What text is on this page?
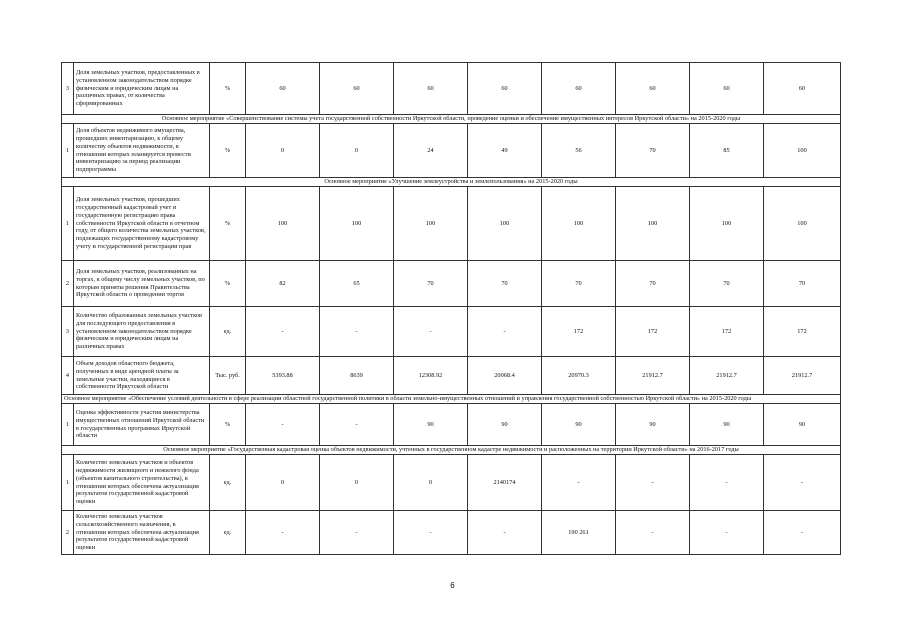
3	Доля земельных участков, предоставленных в установленном законодательством порядке физическим и юридическим лицам на различных правах, от количества сформированных	%	60	60	60	60	60	60	60	60
Основное мероприятие «Совершенствование системы учета государственной собственности Иркутской области, проведение оценки и обеспечение имущественных интересов Иркутской области» на 2015-2020 годы										
1	Доля объектов недвижимого имущества, прошедших инвентаризацию, к общему количеству объектов недвижимости, в отношении которых планируется провести инвентаризацию за период реализации подпрограммы	%	0	0	24	49	56	70	85	100
Основное мероприятие «Улучшение землеустройства и землепользования» на 2015-2020 годы										
1	Доля земельных участков, прошедших государственный кадастровый учет и государственную регистрацию права собственности Иркутской области в отчетном году, от общего количества земельных участков, подлежащих государственному кадастровому учету и государственной регистрации прав	%	100	100	100	100	100	100	100	100
2	Доля земельных участков, реализованных на торгах, к общему числу земельных участков, по которым приняты решения Правительства Иркутской области о проведении торгов	%	82	65	70	70	70	70	70	70
3	Количество образованных земельных участков для последующего предоставления в установленном законодательством порядке физическим и юридическим лицам на различных правах	ед.	-	-	-	-	172	172	172	172
4	Объем доходов областного бюджета, полученных в виде арендной платы за земельные участки, находящиеся в собственности Иркутской области	Тыс. руб.	5393.88	8639	12308.92	20068.4	20970.3	21912.7	21912.7	21912.7
Основное мероприятие «Обеспечение условий деятельности в сфере реализации областной государственной политики в области земельно-имущественных отношений и управления государственной собственностью Иркутской области» на 2015-2020 годы										
1	Оценка эффективности участия министерства имущественных отношений Иркутской области в государственных программах Иркутской области	%	-	-	90	90	90	90	90	90
Основное мероприятие «Государственная кадастровая оценка объектов недвижимости, учтенных в государственном кадастре недвижимости и расположенных на территории Иркутской области» на 2016-2017 годы										
1	Количество земельных участков и объектов недвижимости жилищного и нежилого фонда (объектов капитального строительства), в отношении которых обеспечена актуализация результатов государственной кадастровой оценки	ед.	0	0	0	2140174	-	-	-	-
2	Количество земельных участков сельскохозяйственного назначения, в отношении которых обеспечена актуализация результатов государственной кадастровой оценки	ед.	-	-	-	-	190 261	-	-	-
6
